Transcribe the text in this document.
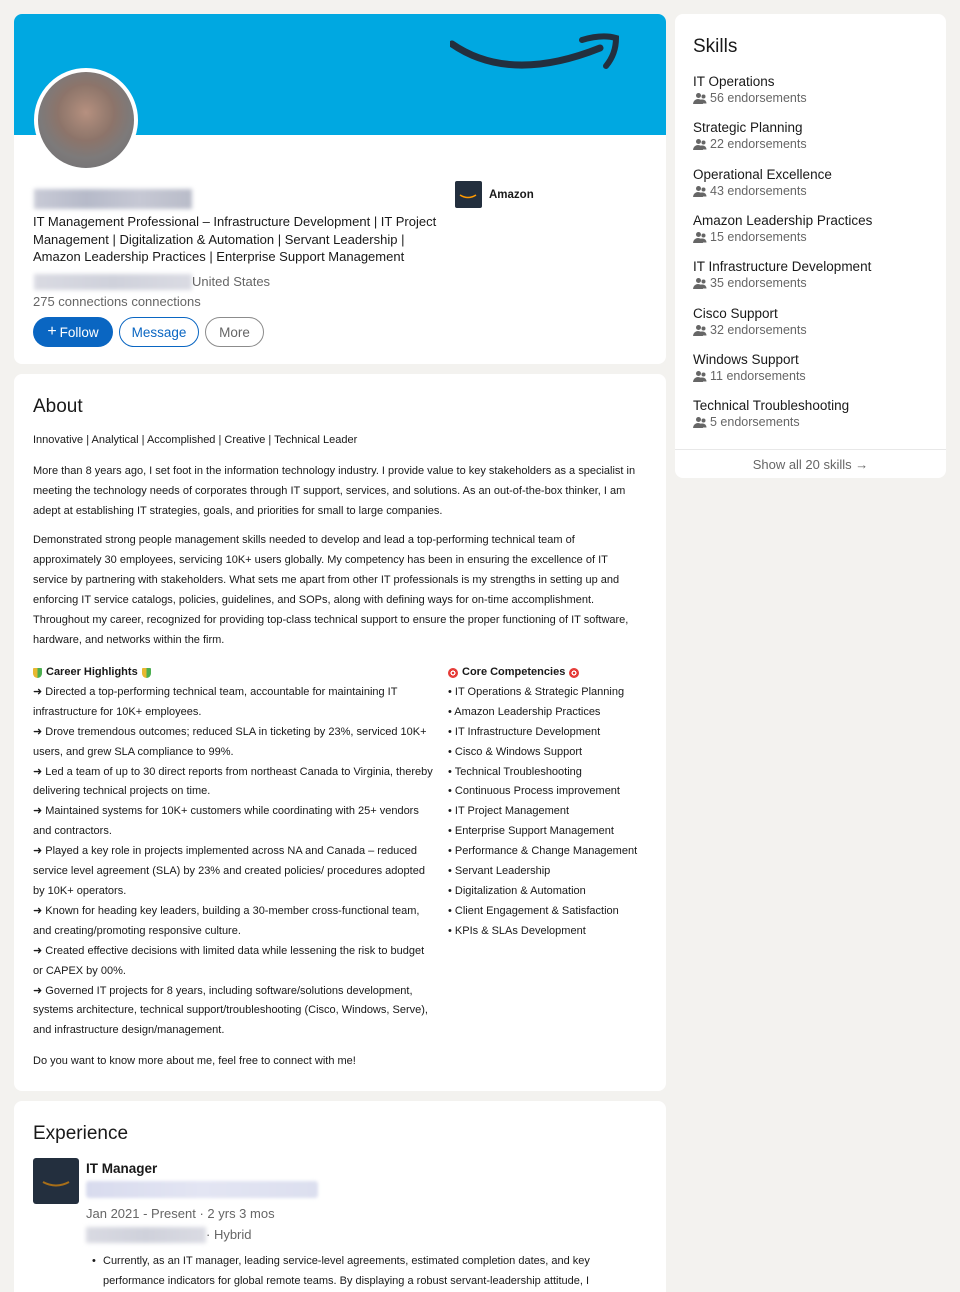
IT Management Professional – Infrastructure Development | IT Project Management | Digitalization & Automation | Servant Leadership | Amazon Leadership Practices | Enterprise Support Management
United States
275 connections connections
+ Follow Message More
Amazon
About
Innovative | Analytical | Accomplished | Creative | Technical Leader
More than 8 years ago, I set foot in the information technology industry. I provide value to key stakeholders as a specialist in meeting the technology needs of corporates through IT support, services, and solutions. As an out-of-the-box thinker, I am adept at establishing IT strategies, goals, and priorities for small to large companies.
Demonstrated strong people management skills needed to develop and lead a top-performing technical team of approximately 30 employees, servicing 10K+ users globally. My competency has been in ensuring the excellence of IT service by partnering with stakeholders. What sets me apart from other IT professionals is my strengths in setting up and enforcing IT service catalogs, policies, guidelines, and SOPs, along with defining ways for on-time accomplishment. Throughout my career, recognized for providing top-class technical support to ensure the proper functioning of IT software, hardware, and networks within the firm.
Career Highlights
➜ Directed a top-performing technical team, accountable for maintaining IT infrastructure for 10K+ employees.
➜ Drove tremendous outcomes; reduced SLA in ticketing by 23%, serviced 10K+ users, and grew SLA compliance to 99%.
➜ Led a team of up to 30 direct reports from northeast Canada to Virginia, thereby delivering technical projects on time.
➜ Maintained systems for 10K+ customers while coordinating with 25+ vendors and contractors.
➜ Played a key role in projects implemented across NA and Canada – reduced service level agreement (SLA) by 23% and created policies/ procedures adopted by 10K+ operators.
➜ Known for heading key leaders, building a 30-member cross-functional team, and creating/promoting responsive culture.
➜ Created effective decisions with limited data while lessening the risk to budget or CAPEX by 00%.
➜ Governed IT projects for 8 years, including software/solutions development, systems architecture, technical support/troubleshooting (Cisco, Windows, Serve), and infrastructure design/management.
Core Competencies
• IT Operations & Strategic Planning
• Amazon Leadership Practices
• IT Infrastructure Development
• Cisco & Windows Support
• Technical Troubleshooting
• Continuous Process improvement
• IT Project Management
• Enterprise Support Management
• Performance & Change Management
• Servant Leadership
• Digitalization & Automation
• Client Engagement & Satisfaction
• KPIs & SLAs Development
Do you want to know more about me, feel free to connect with me!
Experience
IT Manager
Jan 2021 - Present · 2 yrs 3 mos
· Hybrid
• Currently, as an IT manager, leading service-level agreements, estimated completion dates, and key performance indicators for global remote teams. By displaying a robust servant-leadership attitude, I
Skills
IT Operations
56 endorsements
Strategic Planning
22 endorsements
Operational Excellence
43 endorsements
Amazon Leadership Practices
15 endorsements
IT Infrastructure Development
35 endorsements
Cisco Support
32 endorsements
Windows Support
11 endorsements
Technical Troubleshooting
5 endorsements
Show all 20 skills →
